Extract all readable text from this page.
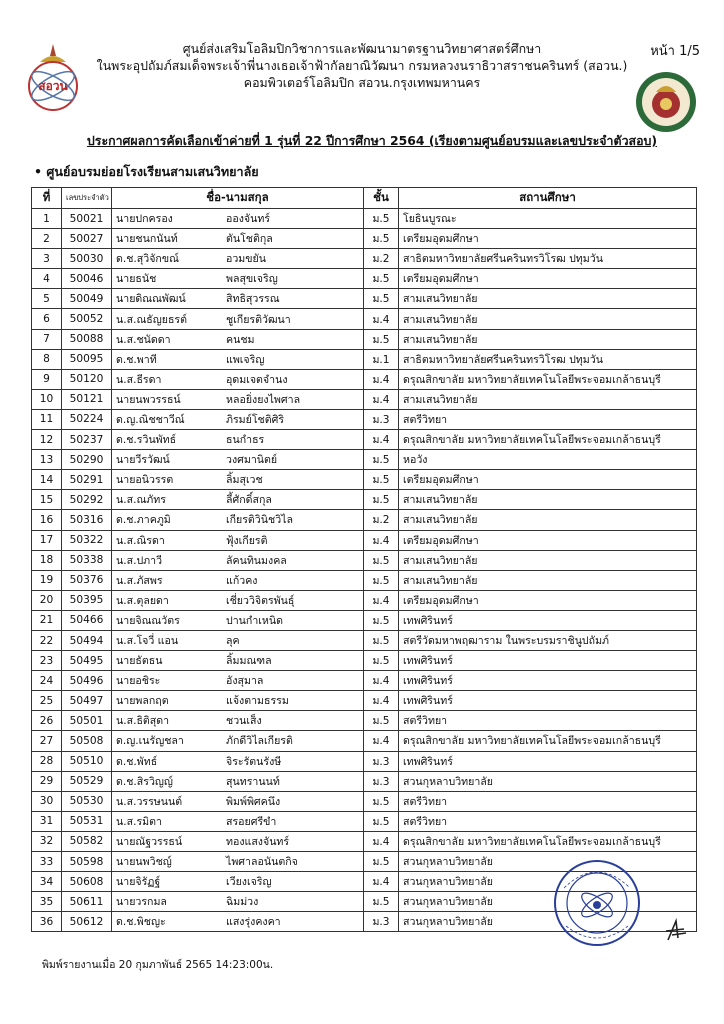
หน้า 1/5
สอวน
ศูนย์ส่งเสริมโอลิมปิกวิชาการและพัฒนามาตรฐานวิทยาศาสตร์ศึกษา
ในพระอุปถัมภ์สมเด็จพระเจ้าพี่นางเธอเจ้าฟ้ากัลยาณิวัฒนา กรมหลวงนราธิวาสราชนครินทร์ (สอวน.)
คอมพิวเตอร์โอลิมปิก สอวน.กรุงเทพมหานคร
ประกาศผลการคัดเลือกเข้าค่ายที่ 1 รุ่นที่ 22 ปีการศึกษา 2564 (เรียงตามศูนย์อบรมและเลขประจำตัวสอบ)
• ศูนย์อบรมย่อยโรงเรียนสามเสนวิทยาลัย
ที่	เลขประจำตัว	ชื่อ-นามสกุล	ชั้น	สถานศึกษา
1	50021	นายปกครอง อองจันทร์	ม.5	โยธินบูรณะ
2	50027	นายชนกนันท์ ตันโชติกุล	ม.5	เตรียมอุดมศึกษา
3	50030	ด.ช.สุวิจักขณ์ อวมขยัน	ม.2	สาธิตมหาวิทยาลัยศรีนครินทรวิโรฒ ปทุมวัน
4	50046	นายธนัช พลสุขเจริญ	ม.5	เตรียมอุดมศึกษา
5	50049	นายดิณณพัฒน์ สิทธิสุวรรณ	ม.5	สามเสนวิทยาลัย
6	50052	น.ส.ณธัญยธรต์ ชูเกียรติวัฒนา	ม.4	สามเสนวิทยาลัย
7	50088	น.ส.ชนัดดา คนชม	ม.5	สามเสนวิทยาลัย
8	50095	ด.ช.พาที แพเจริญ	ม.1	สาธิตมหาวิทยาลัยศรีนครินทรวิโรฒ ปทุมวัน
9	50120	น.ส.ธีรดา อุดมเจตจำนง	ม.4	ดรุณสิกขาลัย มหาวิทยาลัยเทคโนโลยีพระจอมเกล้าธนบุรี
10	50121	นายนพวรรธน์ หลอยิ่งยงไพศาล	ม.4	สามเสนวิทยาลัย
11	50224	ด.ญ.ณิชชาวีณ์ ภิรมย์โชติศิริ	ม.3	สตรีวิทยา
12	50237	ด.ช.รวินพัทธ์ ธนกำธร	ม.4	ดรุณสิกขาลัย มหาวิทยาลัยเทคโนโลยีพระจอมเกล้าธนบุรี
13	50290	นายวีรวัฒน์ วงศมานิตย์	ม.5	หอวัง
14	50291	นายอนิวรรต ลิ้มสุเวช	ม.5	เตรียมอุดมศึกษา
15	50292	น.ส.ณภัทร ลี้ศักดิ์สกุล	ม.5	สามเสนวิทยาลัย
16	50316	ด.ช.ภาคภูมิ เกียรติวินิชวิไล	ม.2	สามเสนวิทยาลัย
17	50322	น.ส.ณิรดา ฟุ้งเกียรติ	ม.4	เตรียมอุดมศึกษา
18	50338	น.ส.ปภาวี ลัคนทินมงคล	ม.5	สามเสนวิทยาลัย
19	50376	น.ส.ภัสพร แก้วคง	ม.5	สามเสนวิทยาลัย
20	50395	น.ส.ตุลยดา เชี่ยววิจิตรพันธุ์	ม.4	เตรียมอุดมศึกษา
21	50466	นายจิณณวัตร ปานกำเหนิด	ม.5	เทพศิรินทร์
22	50494	น.ส.โจวี่ แอน ลุค	ม.5	สตรีวัดมหาพฤฒาราม ในพระบรมราชินูปถัมภ์
23	50495	นายธัตธน ลิ้มมณฑล	ม.5	เทพศิรินทร์
24	50496	นายอชิระ อังสุมาล	ม.4	เทพศิรินทร์
25	50497	นายพลกฤต แจ้งตามธรรม	ม.4	เทพศิรินทร์
26	50501	น.ส.ธิติสุดา ชวนเส็ง	ม.5	สตรีวิทยา
27	50508	ด.ญ.เนรัญชลา ภักดีวิไลเกียรติ	ม.4	ดรุณสิกขาลัย มหาวิทยาลัยเทคโนโลยีพระจอมเกล้าธนบุรี
28	50510	ด.ช.พัทธ์ จิระรัตนรังษี	ม.3	เทพศิรินทร์
29	50529	ด.ช.สิรวิญญ์ สุนทรานนท์	ม.3	สวนกุหลาบวิทยาลัย
30	50530	น.ส.วรรษนนต์ พิมพ์พิศคนึง	ม.5	สตรีวิทยา
31	50531	น.ส.รมิตา สรอยศรีขำ	ม.5	สตรีวิทยา
32	50582	นายณัฐวรรธน์ ทองแสงจันทร์	ม.4	ดรุณสิกขาลัย มหาวิทยาลัยเทคโนโลยีพระจอมเกล้าธนบุรี
33	50598	นายนพวิชญ์ ไพศาลอนันตกิจ	ม.5	สวนกุหลาบวิทยาลัย
34	50608	นายจิรัฏฐ์ เวียงเจริญ	ม.4	สวนกุหลาบวิทยาลัย
35	50611	นายวรกมล ฉิมม่วง	ม.5	สวนกุหลาบวิทยาลัย
36	50612	ด.ช.พิชญะ แสงรุ่งคงคา	ม.3	สวนกุหลาบวิทยาลัย
พิมพ์รายงานเมื่อ 20 กุมภาพันธ์ 2565 14:23:00น.
